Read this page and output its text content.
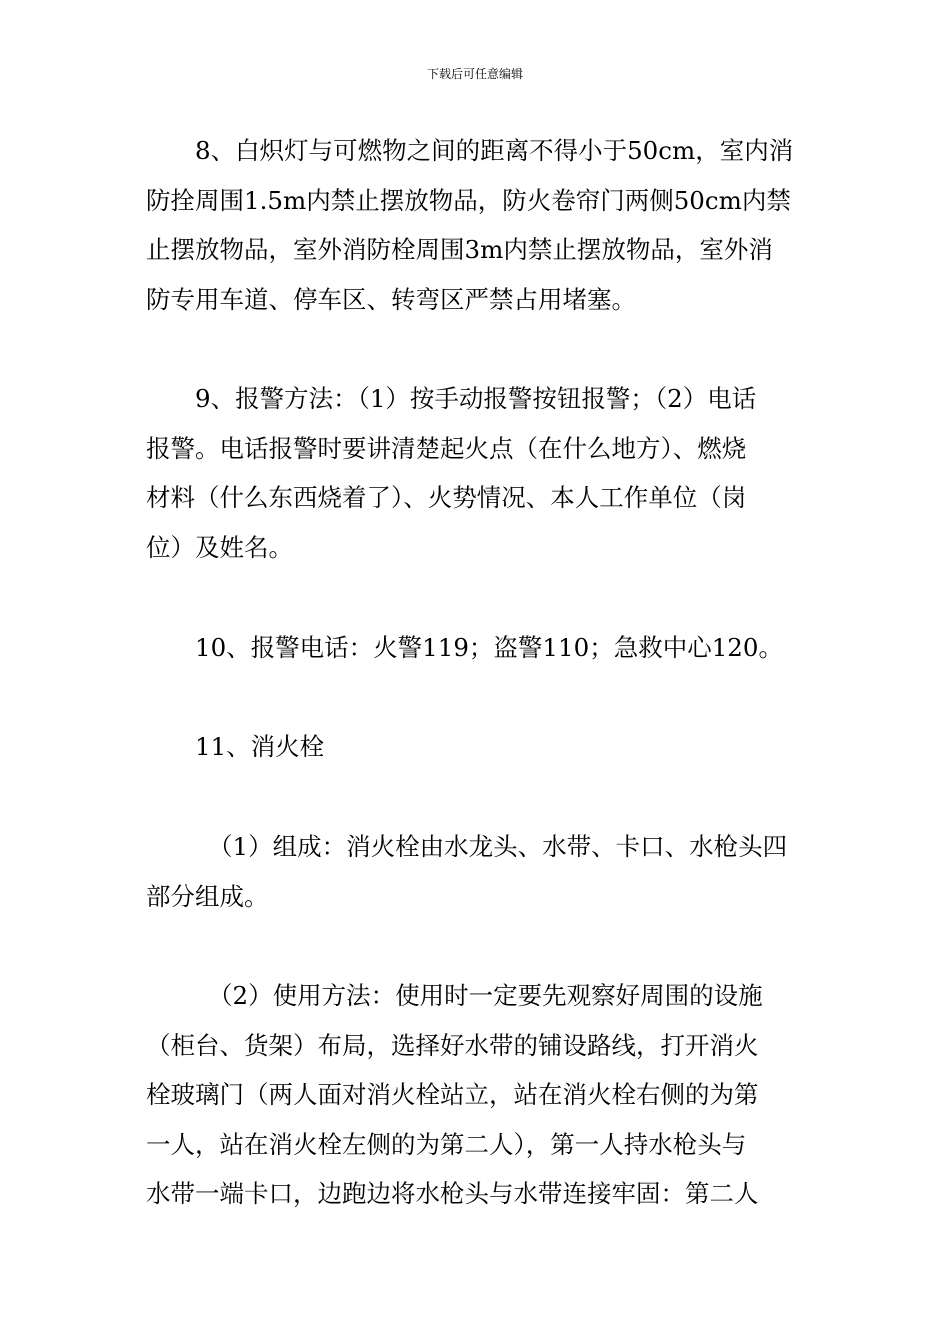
下载后可任意编辑
8、白炽灯与可燃物之间的距离不得小于50cm，室内消
防拴周围1.5m内禁止摆放物品，防火卷帘门两侧50cm内禁
止摆放物品，室外消防栓周围3m内禁止摆放物品，室外消
防专用车道、停车区、转弯区严禁占用堵塞。
9、报警方法：（1）按手动报警按钮报警；（2）电话
报警。电话报警时要讲清楚起火点（在什么地方）、燃烧
材料（什么东西烧着了）、火势情况、本人工作单位（岗
位）及姓名。
10、报警电话：火警119；盗警110；急救中心120。
11、消火栓
（1）组成：消火栓由水龙头、水带、卡口、水枪头四
部分组成。
（2）使用方法：使用时一定要先观察好周围的设施
（柜台、货架）布局，选择好水带的铺设路线，打开消火
栓玻璃门（两人面对消火栓站立，站在消火栓右侧的为第
一人，站在消火栓左侧的为第二人），第一人持水枪头与
水带一端卡口，边跑边将水枪头与水带连接牢固：第二人
